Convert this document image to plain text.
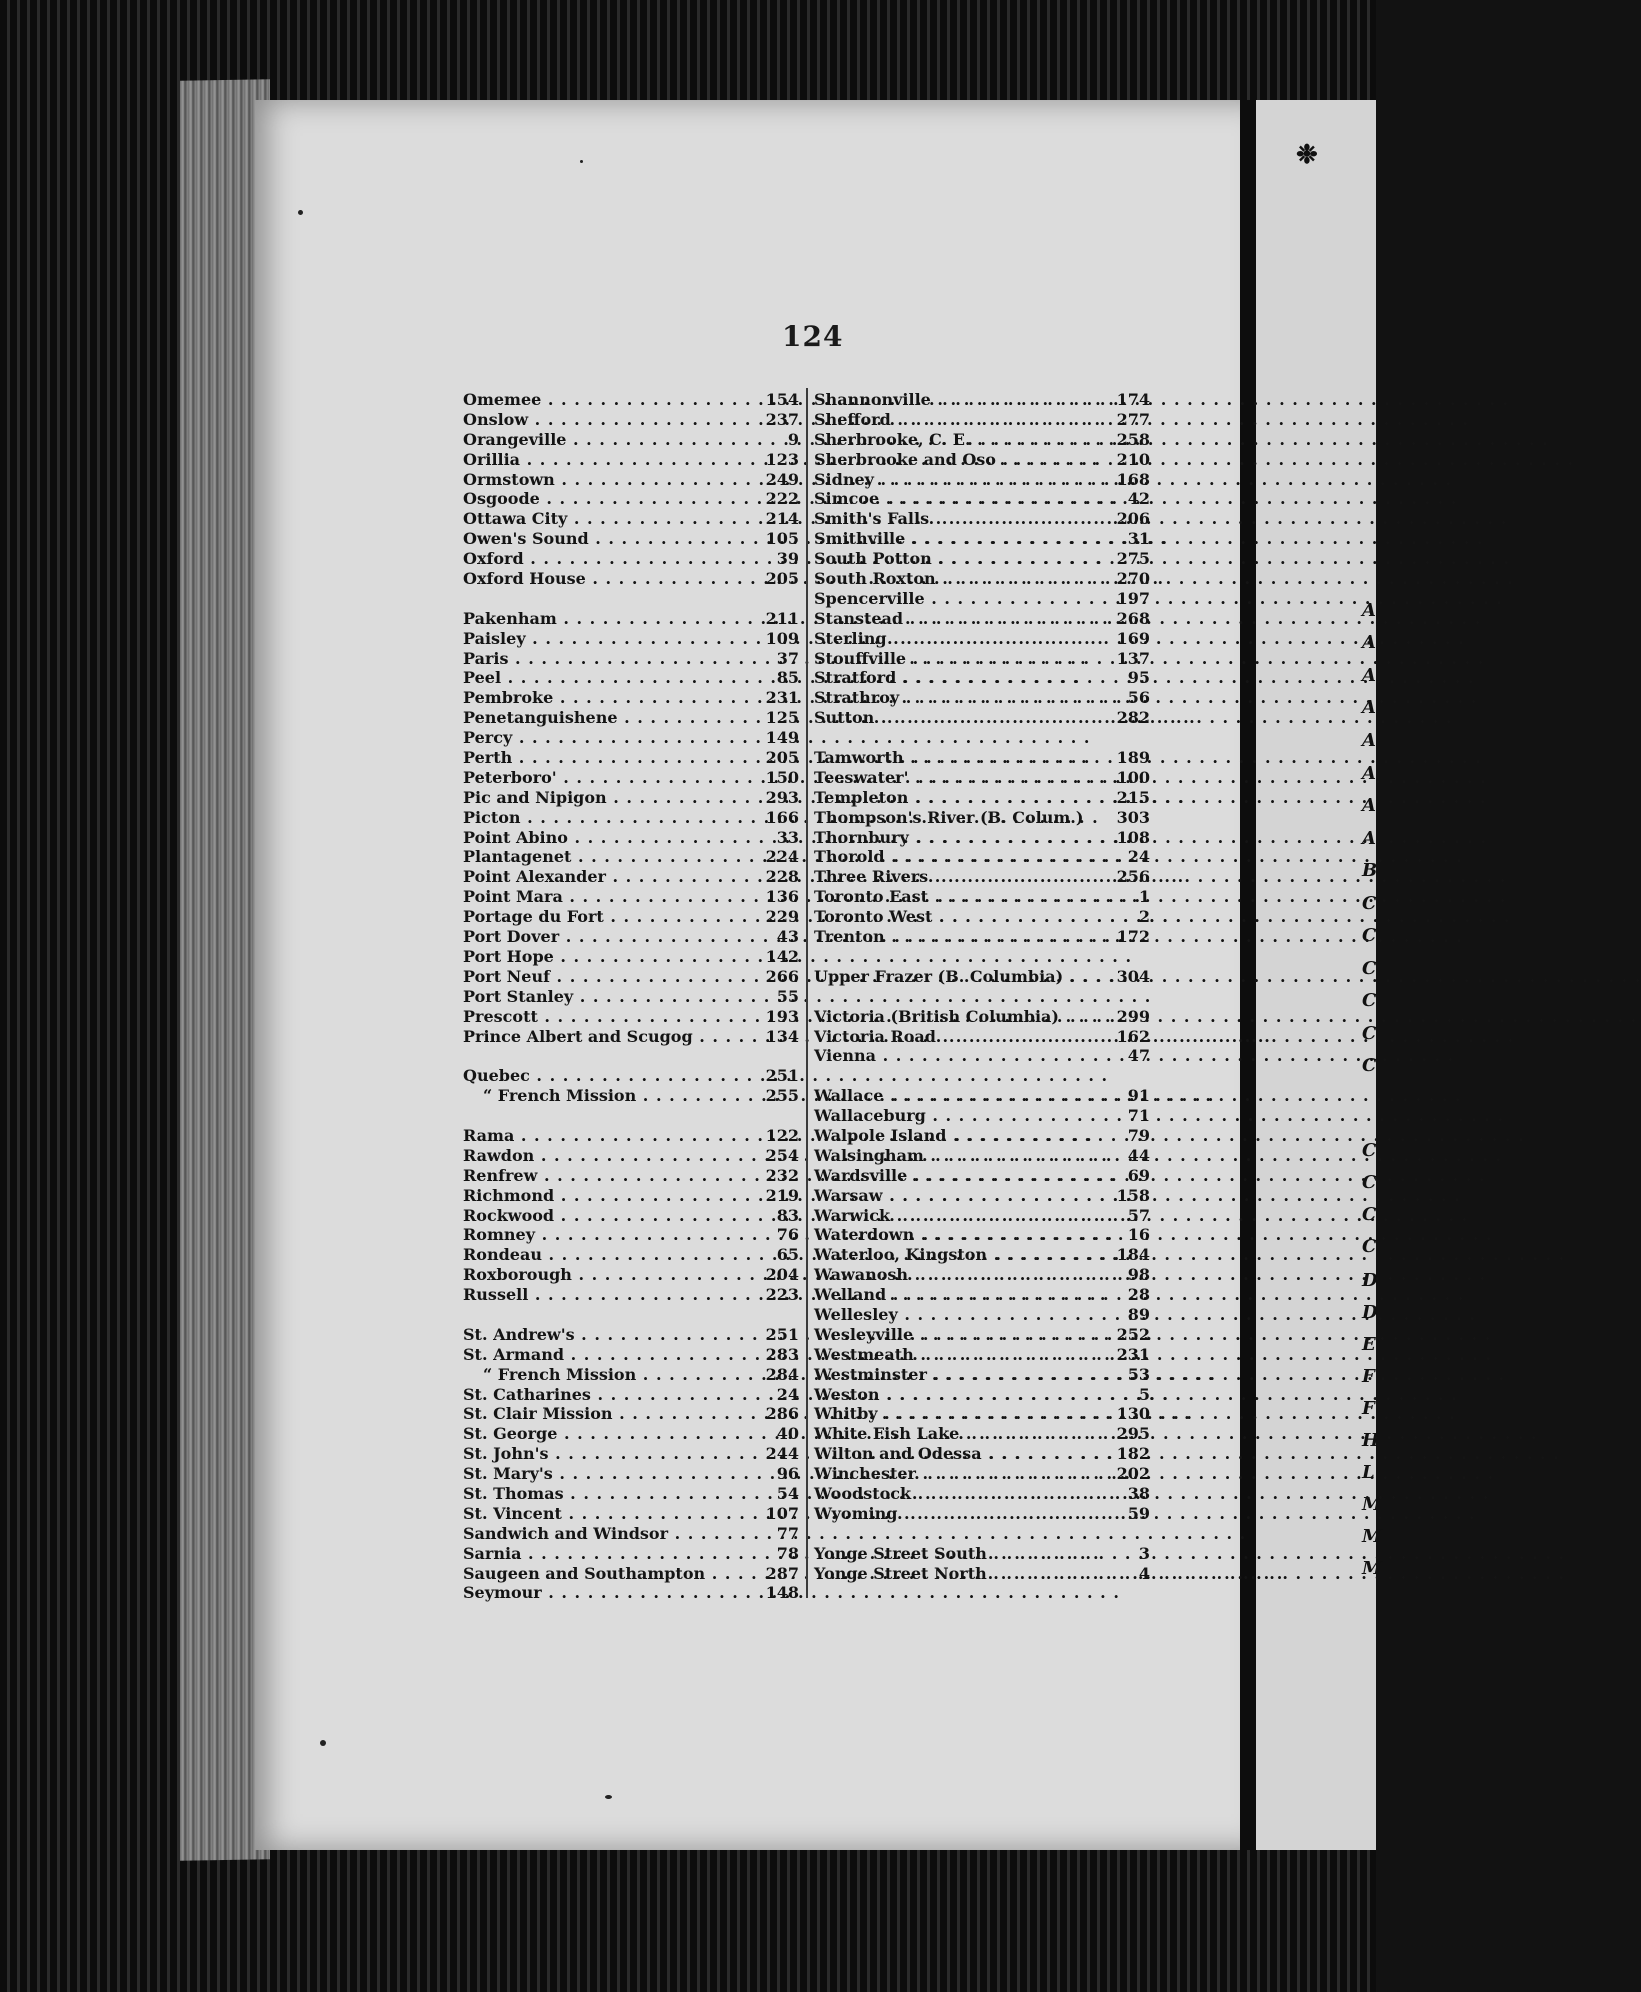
❉
A
A
A
A
A
A
A
A
B
C
C
C
C
C
C
C
C
C
C
D
D
E
F
F
H
L
M
M
M
124
Omemee . . .	154
Onslow . . .	237
Orangeville . . .	9
Orillia . . .	123
Ormstown . . .	249
Osgoode . . .	222
Ottawa City . . .	214
Owen's Sound . . .	105
Oxford . . .	39
Oxford House . . .	205
Pakenham . . .	211
Paisley . . .	109
Paris . . .	37
Peel . . .	85
Pembroke . . .	231
Penetanguishene . . .	125
Percy . . .	149
Perth . . .	205
Peterboro' . . .	150
Pic and Nipigon . . .	293
Picton . . .	166
Point Abino . . .	33
Plantagenet . . .	224
Point Alexander . . .	228
Point Mara . . .	136
Portage du Fort . . .	229
Port Dover . . .	43
Port Hope . . .	142
Port Neuf . . .	266
Port Stanley . . .	55
Prescott . . .	193
Prince Albert and Scugog . . .	134
Quebec . . .	251
“ French Mission . . .	255
Rama . . .	122
Rawdon . . .	254
Renfrew . . .	232
Richmond . . .	219
Rockwood . . .	83
Romney . . .	76
Rondeau . . .	65
Roxborough . . .	204
Russell . . .	223
St. Andrew's . . .	251
St. Armand . . .	283
“ French Mission . . .	284
St. Catharines . . .	24
St. Clair Mission . . .	286
St. George . . .	40
St. John's . . .	244
St. Mary's . . .	96
St. Thomas . . .	54
St. Vincent . . .	107
Sandwich and Windsor . . .	77
Sarnia . . .	78
Saugeen and Southampton . . .	287
Seymour . . .	148
Shannonville . . .	174
Shefford . . .	277
Sherbrooke, C. E. . . .	258
Sherbrooke and Oso . . .	210
Sidney . . .	168
Simcoe . . .	42
Smith's Falls . . .	206
Smithville . . .	31
South Potton . . .	275
South Roxton . . .	270
Spencerville . . .	197
Stanstead . . .	268
Sterling . . .	169
Stouffville . . .	137
Stratford . . .	95
Strathroy . . .	56
Sutton . . .	282
Tamworth . . .	189
Teeswater' . . .	100
Templeton . . .	215
Thompson's River (B. Colum.)	303
Thornbury . . .	108
Thorold . . .	24
Three Rivers . . .	256
Toronto East . . .	1
Toronto West . . .	2
Trenton . . .	172
Upper Frazer (B. Columbia) . . .	304
Victoria (British Columbia) . . .	299
Victoria Road . . .	162
Vienna . . .	47
Wallace . . .	91
Wallaceburg . . .	71
Walpole Island . . .	79
Walsingham . . .	44
Wardsville . . .	69
Warsaw . . .	158
Warwick . . .	57
Waterdown . . .	16
Waterloo, Kingston . . .	184
Wawanosh . . .	98
Welland . . .	28
Wellesley . . .	89
Wesleyville . . .	252
Westmeath . . .	231
Westminster . . .	53
Weston . . .	5
Whitby . . .	130
White Fish Lake . . .	295
Wilton and Odessa . . .	182
Winchester . . .	202
Woodstock . . .	38
Wyoming . . .	59
Yonge Street South . . .	3
Yonge Street North . . .	4
